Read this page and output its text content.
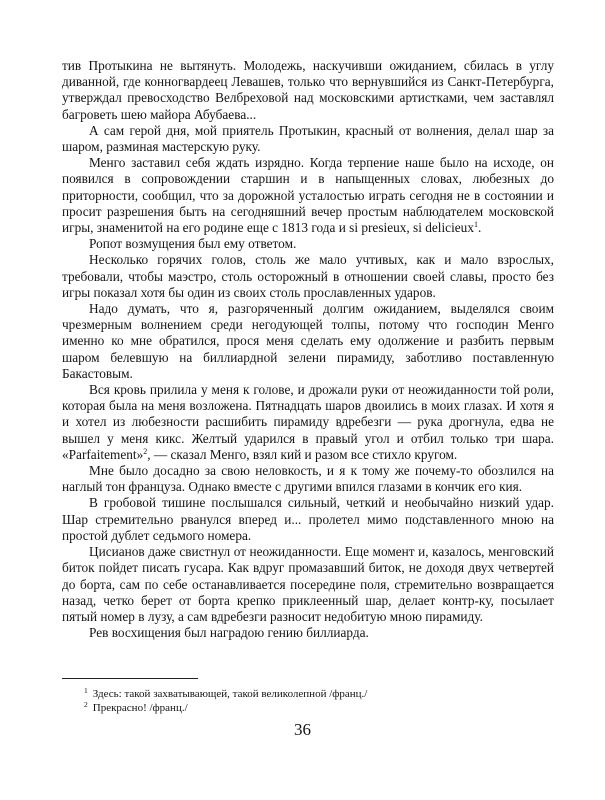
тив Протыкина не вытянуть. Молодежь, наскучивши ожиданием, сбилась в углу диванной, где конногвардеец Левашев, только что вернувшийся из Санкт-Петербурга, утверждал превосходство Велбреховой над московскими артистками, чем заставлял багроветь шею майора Абубаева...

А сам герой дня, мой приятель Протыкин, красный от волнения, делал шар за шаром, разминая мастерскую руку.

Менго заставил себя ждать изрядно. Когда терпение наше было на исходе, он появился в сопровождении старшин и в напыщенных словах, любезных до приторности, сообщил, что за дорожной усталостью играть сегодня не в состоянии и просит разрешения быть на сегодняшний вечер простым наблюдателем московской игры, знаменитой на его родине еще с 1813 года и si presieux, si delicieux$^1$.

Ропот возмущения был ему ответом.

Несколько горячих голов, столь же мало учтивых, как и мало взрослых, требовали, чтобы маэстро, столь осторожный в отношении своей славы, просто без игры показал хотя бы один из своих столь прославленных ударов.

Надо думать, что я, разгоряченный долгим ожиданием, выделялся своим чрезмерным волнением среди негодующей толпы, потому что господин Менго именно ко мне обратился, прося меня сделать ему одолжение и разбить первым шаром белевшую на биллиардной зелени пирамиду, заботливо поставленную Бакастовым.

Вся кровь прилила у меня к голове, и дрожали руки от неожиданности той роли, которая была на меня возложена. Пятнадцать шаров двоились в моих глазах. И хотя я и хотел из любезности расшибить пирамиду вдребезги — рука дрогнула, едва не вышел у меня кикс. Желтый ударился в правый угол и отбил только три шара. «Parfaitement»$^2$, — сказал Менго, взял кий и разом все стихло кругом.

Мне было досадно за свою неловкость, и я к тому же почему-то обозлился на наглый тон француза. Однако вместе с другими впился глазами в кончик его кия.

В гробовой тишине послышался сильный, четкий и необычайно низкий удар. Шар стремительно рванулся вперед и... пролетел мимо подставленного мною на простой дублет седьмого номера.

Циcианов даже свистнул от неожиданности. Еще момент и, казалось, менговский биток пойдет писать гусара. Как вдруг промазавший биток, не доходя двух четвертей до борта, сам по себе останавливается посередине поля, стремительно возвращается назад, четко берет от борта крепко приклеенный шар, делает контр-ку, посылает пятый номер в лузу, а сам вдребезги разносит недобитую мною пирамиду.

Рев восхищения был наградою гению биллиарда.

$^1$ Здесь: такой захватывающей, такой великолепной /франц./

$^2$ Прекрасно! /франц./

36
